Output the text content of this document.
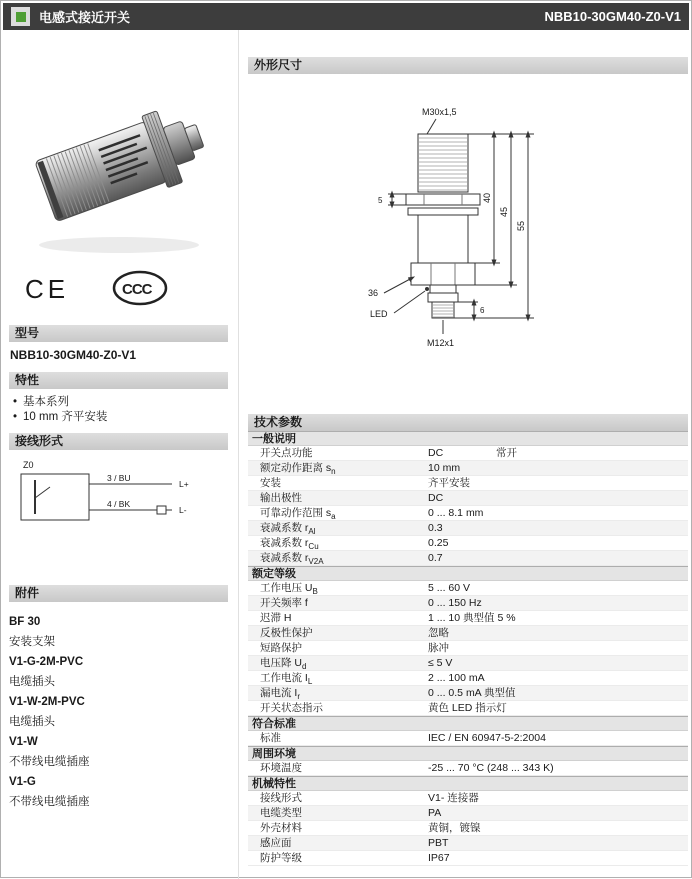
电感式接近开关	NBB10-30GM40-Z0-V1
CE	CCC
型号
NBB10-30GM40-Z0-V1
特性
• 基本系列
• 10 mm 齐平安装
接线形式
Z0
3 / BU
L+
4 / BK
L-
附件
BF 30
安装支架
V1-G-2M-PVC
电缆插头
V1-W-2M-PVC
电缆插头
V1-W
不带线电缆插座
V1-G
不带线电缆插座
外形尺寸
M30x1,5
5
36
LED
M12x1
6
40
45
55
技术参数
一般说明
开关点功能	DC	常开
额定动作距离 $s_n$	10 mm
安装	齐平安装
输出极性	DC
可靠动作范围 $s_a$	0 ... 8.1 mm
衰减系数 $r_{Al}$	0.3
衰减系数 $r_{Cu}$	0.25
衰减系数 $r_{V2A}$	0.7
额定等级
工作电压 $U_B$	5 ... 60 V
开关频率 f	0 ... 150 Hz
迟滞 H	1 ... 10 典型值 5 %
反极性保护	忽略
短路保护	脉冲
电压降 $U_d$	≤ 5 V
工作电流 $I_L$	2 ... 100 mA
漏电流 $I_r$	0 ... 0.5 mA 典型值
开关状态指示	黄色 LED 指示灯
符合标准
标准	IEC / EN 60947-5-2:2004
周围环境
环境温度	-25 ... 70 °C (248 ... 343 K)
机械特性
接线形式	V1- 连接器
电缆类型	PA
外壳材料	黄铜，镀镍
感应面	PBT
防护等级	IP67
